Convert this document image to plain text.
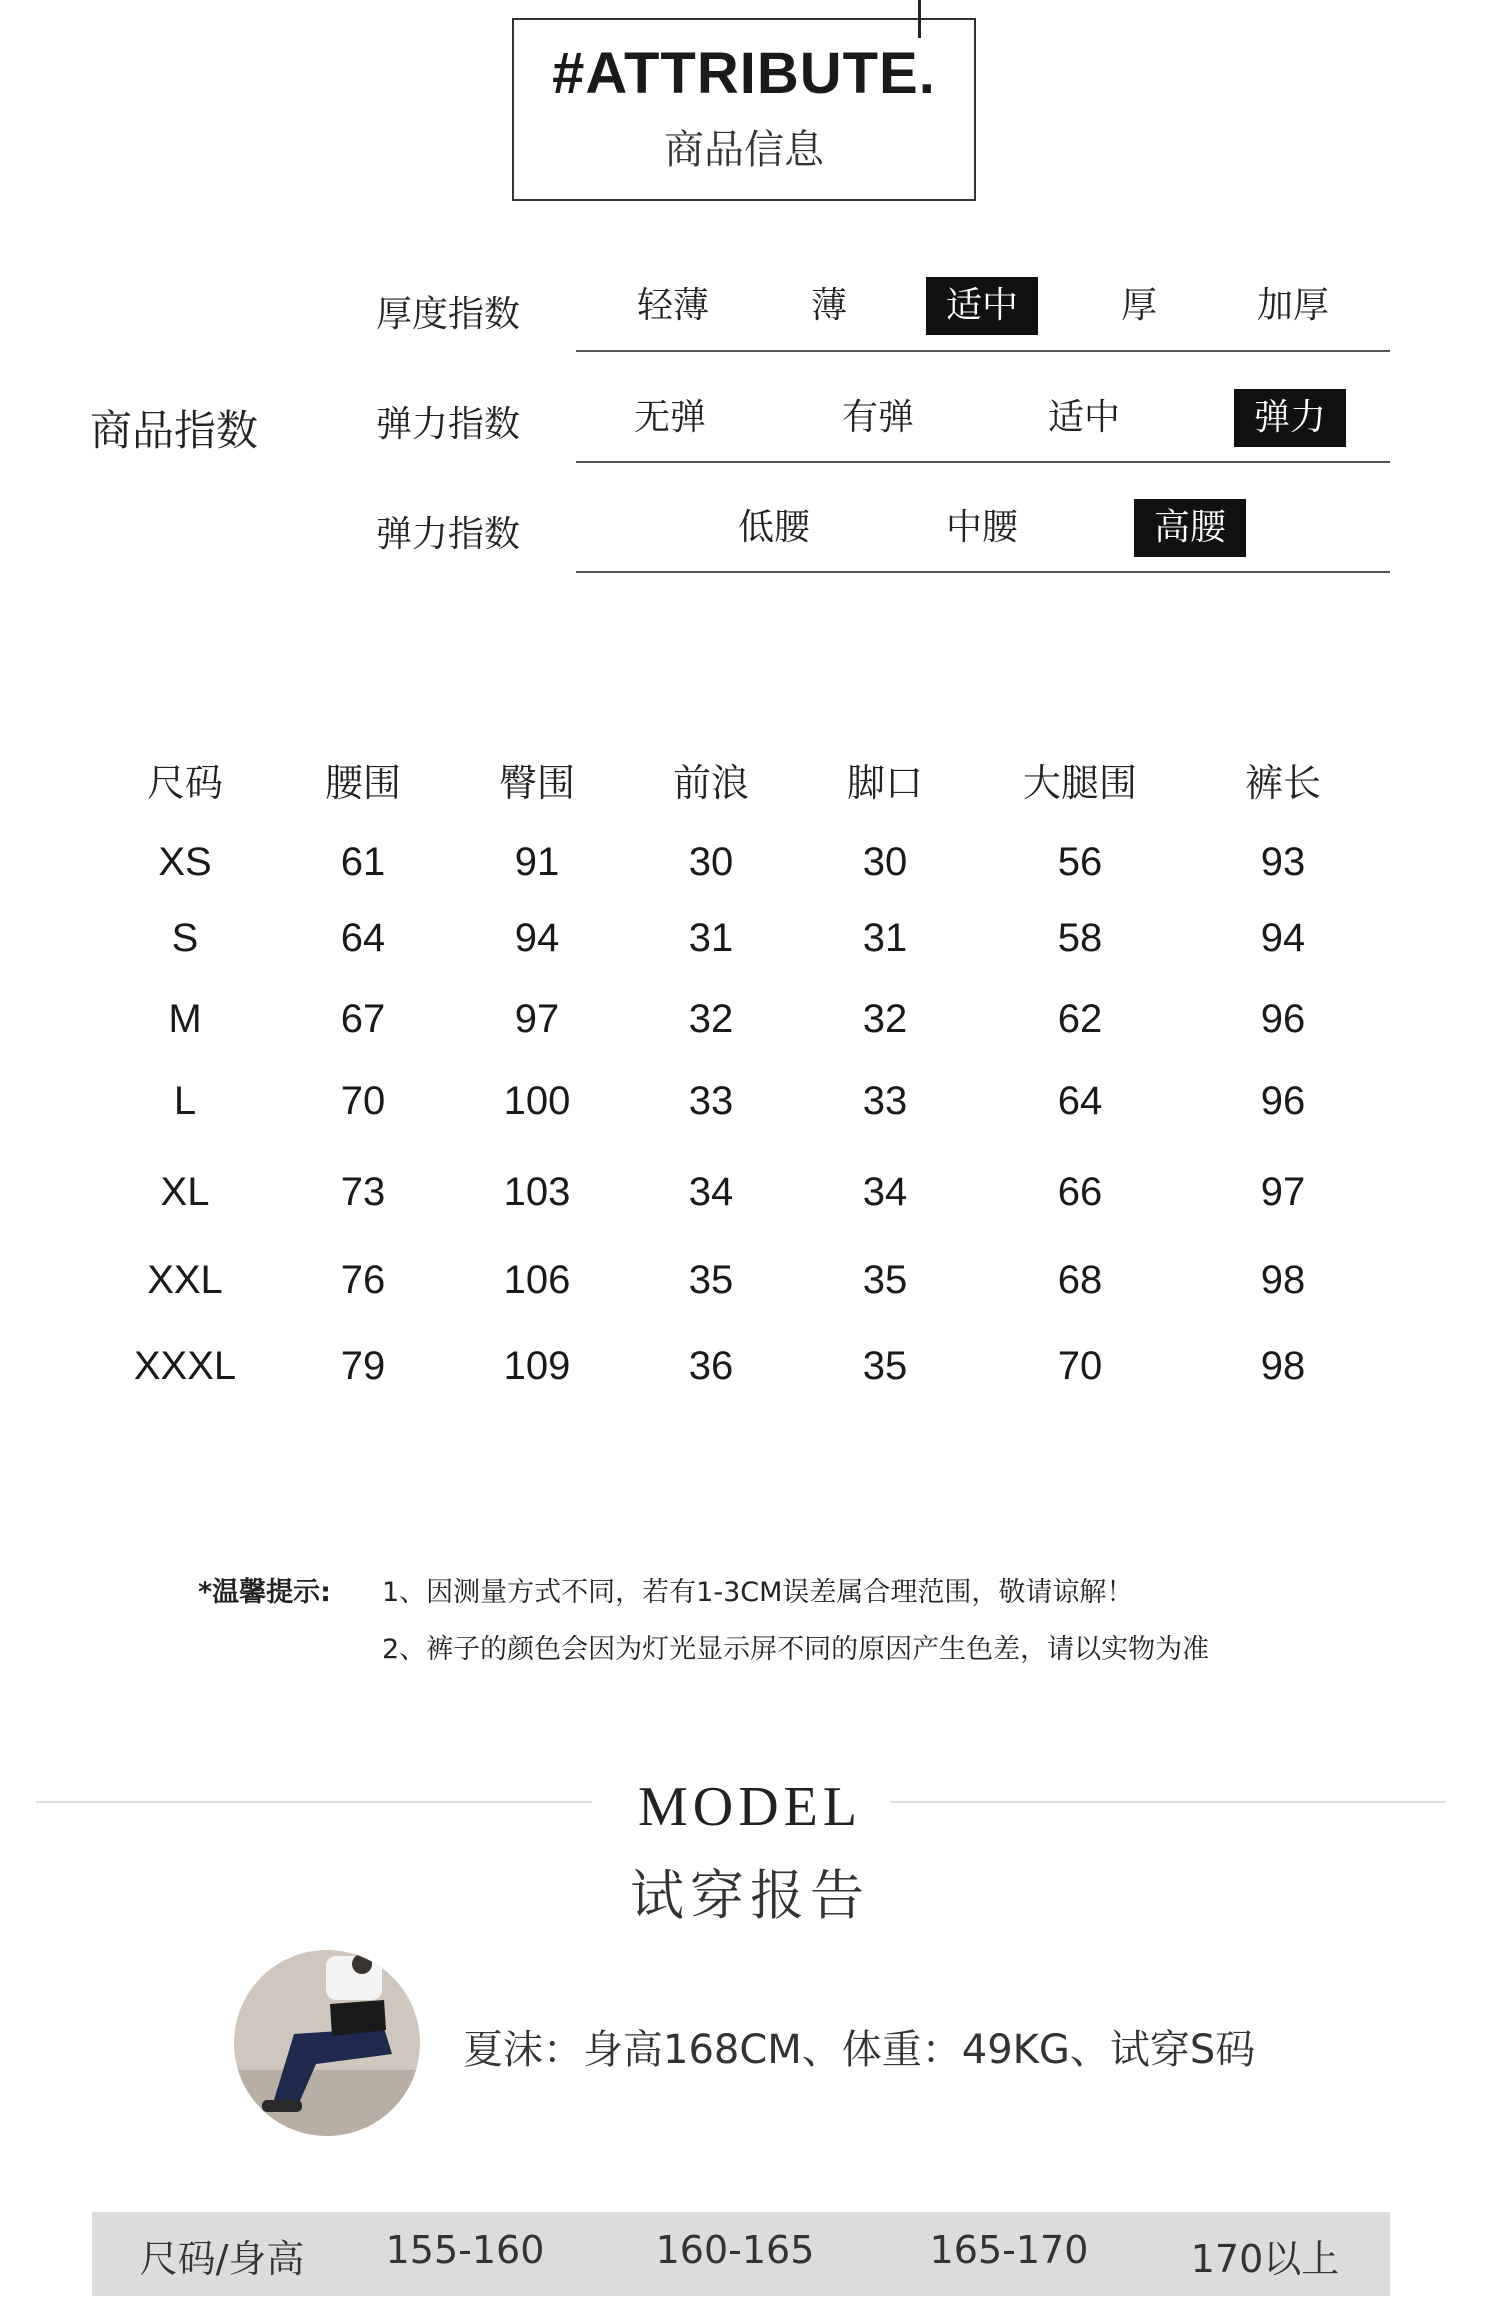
#ATTRIBUTE.
商品信息
商品指数
厚度指数	轻薄	薄	适中	厚	加厚
弹力指数	无弹	有弹	适中	弹力
弹力指数	低腰	中腰	高腰
尺码	腰围	臀围	前浪	脚口	大腿围	裤长
XS	61	91	30	30	56	93
S	64	94	31	31	58	94
M	67	97	32	32	62	96
L	70	100	33	33	64	96
XL	73	103	34	34	66	97
XXL	76	106	35	35	68	98
XXXL	79	109	36	35	70	98
*温馨提示: 1、因测量方式不同，若有1-3CM误差属合理范围，敬请谅解！
2、裤子的颜色会因为灯光显示屏不同的原因产生色差，请以实物为准
MODEL
试穿报告
夏沫：身高168CM、体重：49KG、试穿S码
尺码/身高	155-160	160-165	165-170	170以上
